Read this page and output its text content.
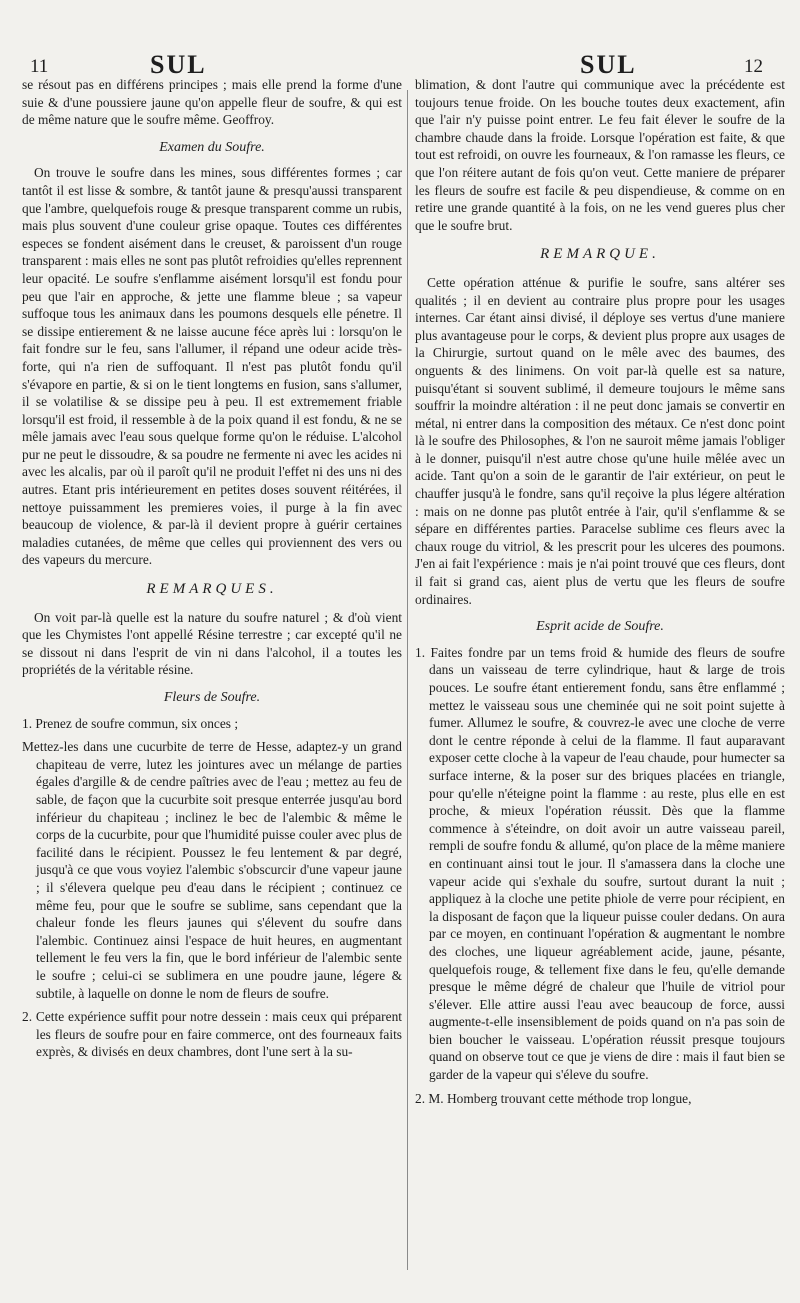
11	SUL	SUL	12

se résout pas en différens principes ; mais elle prend la forme d'une suie & d'une poussiere jaune qu'on appelle fleur de soufre, & qui est de même nature que le soufre même. Geoffroy.

Examen du Soufre.

On trouve le soufre dans les mines, sous différentes formes ; car tantôt il est lisse & sombre, & tantôt jaune & presqu'aussi transparent que l'ambre, quelquefois rouge & presque transparent comme un rubis, mais plus souvent d'une couleur grise opaque. Toutes ces différentes especes se fondent aisément dans le creuset, & paroissent d'un rouge transparent : mais elles ne sont pas plutôt refroidies qu'elles reprennent leur opacité. Le soufre s'enflamme aisément lorsqu'il est fondu pour peu que l'air en approche, & jette une flamme bleue ; sa vapeur suffoque tous les animaux dans les poumons desquels elle pénetre. Il se dissipe entierement & ne laisse aucune féce après lui : lorsqu'on le fait fondre sur le feu, sans l'allumer, il répand une odeur acide très-forte, qui n'a rien de suffoquant. Il n'est pas plutôt fondu qu'il s'évapore en partie, & si on le tient longtems en fusion, sans s'allumer, il se volatilise & se dissipe peu à peu. Il est extremement friable lorsqu'il est froid, il ressemble à de la poix quand il est fondu, & ne se mêle jamais avec l'eau sous quelque forme qu'on le réduise. L'alcohol pur ne peut le dissoudre, & sa poudre ne fermente ni avec les acides ni avec les alcalis, par où il paroît qu'il ne produit l'effet ni des uns ni des autres. Etant pris intérieurement en petites doses souvent réitérées, il nettoye puissamment les premieres voies, il purge à la fin avec beaucoup de violence, & par-là il devient propre à guérir certaines maladies cutanées, de même que celles qui proviennent des vers ou des vapeurs du mercure.

REMARQUES.

On voit par-là quelle est la nature du soufre naturel ; & d'où vient que les Chymistes l'ont appellé Résine terrestre ; car excepté qu'il ne se dissout ni dans l'esprit de vin ni dans l'alcohol, il a toutes les propriétés de la véritable résine.

Fleurs de Soufre.

1. Prenez de soufre commun, six onces ;

Mettez-les dans une cucurbite de terre de Hesse, adaptez-y un grand chapiteau de verre, lutez les jointures avec un mélange de parties égales d'argille & de cendre paîtries avec de l'eau ; mettez au feu de sable, de façon que la cucurbite soit presque enterrée jusqu'au bord inférieur du chapiteau ; inclinez le bec de l'alembic & même le corps de la cucurbite, pour que l'humidité puisse couler avec plus de facilité dans le récipient. Poussez le feu lentement & par degré, jusqu'à ce que vous voyiez l'alembic s'obscurcir d'une vapeur jaune ; il s'élevera quelque peu d'eau dans le récipient ; continuez ce même feu, pour que le soufre se sublime, sans cependant que la chaleur fonde les fleurs jaunes qui s'élevent du soufre dans l'alembic. Continuez ainsi l'espace de huit heures, en augmentant tellement le feu vers la fin, que le bord inférieur de l'alembic sente le soufre ; celui-ci se sublimera en une poudre jaune, légere & subtile, à laquelle on donne le nom de fleurs de soufre.

2. Cette expérience suffit pour notre dessein : mais ceux qui préparent les fleurs de soufre pour en faire commerce, ont des fourneaux faits exprès, & divisés en deux chambres, dont l'une sert à la su-

blimation, & dont l'autre qui communique avec la précédente est toujours tenue froide. On les bouche toutes deux exactement, afin que l'air n'y puisse point entrer. Le feu fait élever le soufre de la chambre chaude dans la froide. Lorsque l'opération est faite, & que tout est refroidi, on ouvre les fourneaux, & l'on ramasse les fleurs, ce que l'on réitere autant de fois qu'on veut. Cette maniere de préparer les fleurs de soufre est facile & peu dispendieuse, & comme on en retire une grande quantité à la fois, on ne les vend gueres plus cher que le soufre brut.

REMARQUE.

Cette opération atténue & purifie le soufre, sans altérer ses qualités ; il en devient au contraire plus propre pour les usages internes. Car étant ainsi divisé, il déploye ses vertus d'une maniere plus avantageuse pour le corps, & devient plus propre aux usages de la Chirurgie, surtout quand on le mêle avec des baumes, des onguents & des linimens. On voit par-là quelle est sa nature, puisqu'étant si souvent sublimé, il demeure toujours le même sans souffrir la moindre altération : il ne peut donc jamais se convertir en métal, ni entrer dans la composition des métaux. Ce n'est donc point là le soufre des Philosophes, & l'on ne sauroit même jamais l'obliger à le donner, puisqu'il n'est autre chose qu'une huile mêlée avec un acide. Tant qu'on a soin de le garantir de l'air extérieur, on peut le chauffer jusqu'à le fondre, sans qu'il reçoive la plus légere altération : mais on ne donne pas plutôt entrée à l'air, qu'il s'enflamme & se sépare en différentes parties. Paracelse sublime ces fleurs avec la chaux rouge du vitriol, & les prescrit pour les ulceres des poumons. J'en ai fait l'expérience : mais je n'ai point trouvé que ces fleurs, dont il fait si grand cas, aient plus de vertu que les fleurs de soufre ordinaires.

Esprit acide de Soufre.

1. Faites fondre par un tems froid & humide des fleurs de soufre dans un vaisseau de terre cylindrique, haut & large de trois pouces. Le soufre étant entierement fondu, sans être enflammé ; mettez le vaisseau sous une cheminée qui ne soit point sujette à fumer. Allumez le soufre, & couvrez-le avec une cloche de verre dont le centre réponde à celui de la flamme. Il faut auparavant exposer cette cloche à la vapeur de l'eau chaude, pour humecter sa surface interne, & la poser sur des briques placées en triangle, pour qu'elle n'éteigne point la flamme : au reste, plus elle en est proche, & mieux l'opération réussit. Dès que la flamme commence à s'éteindre, on doit avoir un autre vaisseau pareil, rempli de soufre fondu & allumé, qu'on place de la même maniere en continuant ainsi tout le jour. Il s'amassera dans la cloche une vapeur acide qui s'exhale du soufre, surtout durant la nuit ; appliquez à la cloche une petite phiole de verre pour récipient, en la disposant de façon que la liqueur puisse couler dedans. On aura par ce moyen, en continuant l'opération & augmentant le nombre des cloches, une liqueur agréablement acide, jaune, pésante, quelquefois rouge, & tellement fixe dans le feu, qu'elle demande presque le même dégré de chaleur que l'huile de vitriol pour s'élever. Elle attire aussi l'eau avec beaucoup de force, aussi augmente-t-elle insensiblement de poids quand on n'a pas soin de bien boucher le vaisseau. L'opération réussit presque toujours quand on observe tout ce que je viens de dire : mais il faut bien se garder de la vapeur qui s'éleve du soufre.

2. M. Homberg trouvant cette méthode trop longue,
